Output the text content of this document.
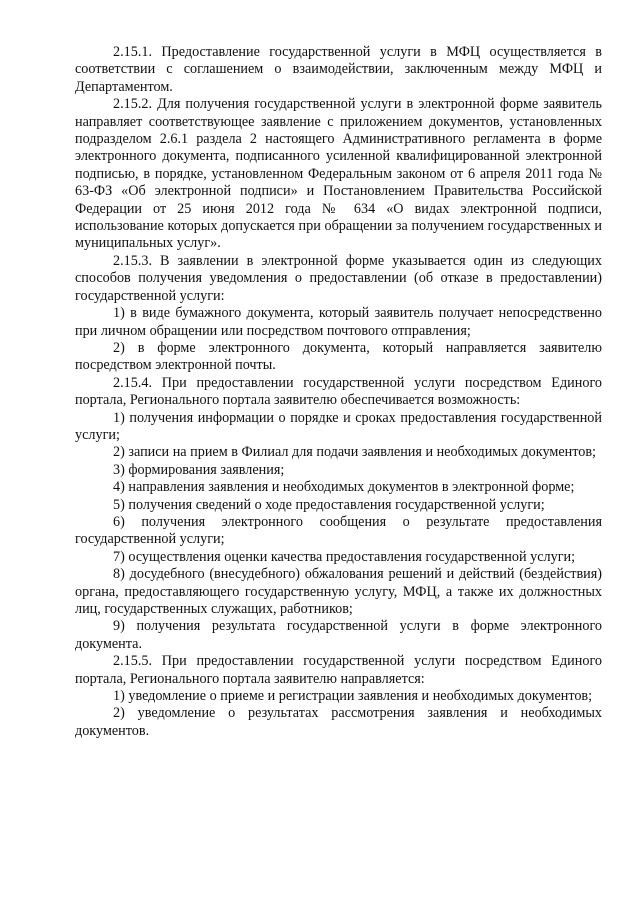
2.15.1. Предоставление государственной услуги в МФЦ осуществляется в соответствии с соглашением о взаимодействии, заключенным между МФЦ и Департаментом.

2.15.2. Для получения государственной услуги в электронной форме заявитель направляет соответствующее заявление с приложением документов, установленных подразделом 2.6.1 раздела 2 настоящего Административного регламента в форме электронного документа, подписанного усиленной квалифицированной электронной подписью, в порядке, установленном Федеральным законом от 6 апреля 2011 года № 63-ФЗ «Об электронной подписи» и Постановлением Правительства Российской Федерации от 25 июня 2012 года № 634 «О видах электронной подписи, использование которых допускается при обращении за получением государственных и муниципальных услуг».

2.15.3. В заявлении в электронной форме указывается один из следующих способов получения уведомления о предоставлении (об отказе в предоставлении) государственной услуги:

1) в виде бумажного документа, который заявитель получает непосредственно при личном обращении или посредством почтового отправления;

2) в форме электронного документа, который направляется заявителю посредством электронной почты.

2.15.4. При предоставлении государственной услуги посредством Единого портала, Регионального портала заявителю обеспечивается возможность:

1) получения информации о порядке и сроках предоставления государственной услуги;

2) записи на прием в Филиал для подачи заявления и необходимых документов;

3) формирования заявления;

4) направления заявления и необходимых документов в электронной форме;

5) получения сведений о ходе предоставления государственной услуги;

6) получения электронного сообщения о результате предоставления государственной услуги;

7) осуществления оценки качества предоставления государственной услуги;

8) досудебного (внесудебного) обжалования решений и действий (бездействия) органа, предоставляющего государственную услугу, МФЦ, а также их должностных лиц, государственных служащих, работников;

9) получения результата государственной услуги в форме электронного документа.

2.15.5. При предоставлении государственной услуги посредством Единого портала, Регионального портала заявителю направляется:

1) уведомление о приеме и регистрации заявления и необходимых документов;

2) уведомление о результатах рассмотрения заявления и необходимых документов.
